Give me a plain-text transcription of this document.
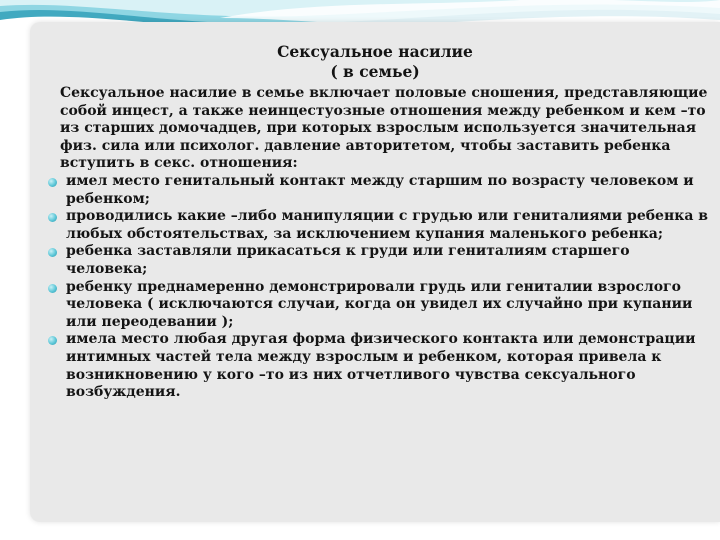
Сексуальное насилие
( в семье)
Сексуальное насилие в семье включает половые сношения, представляющие собой инцест, а также неинцестуозные отношения между ребенком и кем –то из старших домочадцев, при которых взрослым используется значительная физ. сила или психолог. давление авторитетом, чтобы заставить ребенка вступить в секс. отношения:
имел место генитальный контакт между старшим по возрасту человеком и ребенком;
проводились какие –либо манипуляции с грудью или гениталиями ребенка в любых обстоятельствах, за исключением купания маленького ребенка;
ребенка заставляли прикасаться к груди или гениталиям старшего человека;
ребенку преднамеренно демонстрировали грудь или гениталии взрослого человека ( исключаются случаи, когда он увидел их случайно при купании или переодевании );
имела место любая другая форма физического контакта или демонстрации интимных частей тела между взрослым и ребенком, которая привела к возникновению у кого –то из них отчетливого чувства сексуального возбуждения.
